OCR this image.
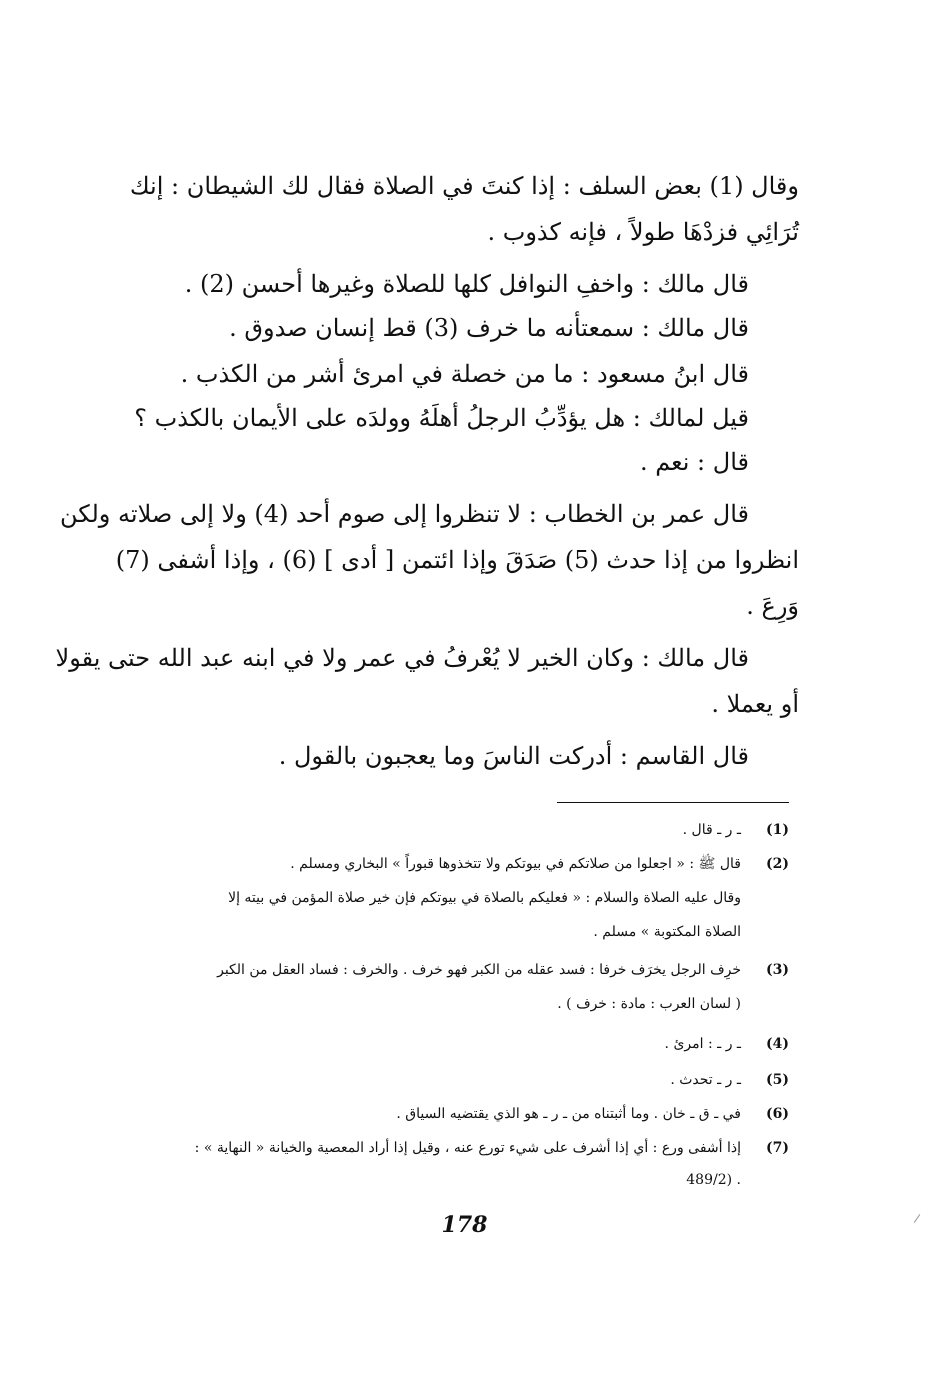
وقال (1) بعض السلف : إذا كنتَ في الصلاة فقال لك الشيطان : إنك
تُرَائِي فزدْهَا طولاً ، فإنه كذوب .
قال مالك : واخفِ النوافل كلها للصلاة وغيرها أحسن (2) .
قال مالك : سمعتأنه ما خرف (3) قط إنسان صدوق .
قال ابنُ مسعود : ما من خصلة في امرئ أشر من الكذب .
قيل لمالك : هل يؤدِّبُ الرجلُ أهلَهُ وولدَه على الأيمان بالكذب ؟
قال : نعم .
قال عمر بن الخطاب : لا تنظروا إلى صوم أحد (4) ولا إلى صلاته ولكن
انظروا من إذا حدث (5) صَدَقَ وإذا ائتمن [ أدى ] (6) ، وإذا أشفى (7)
وَرِعَ .
قال مالك : وكان الخير لا يُعْرفُ في عمر ولا في ابنه عبد الله حتى يقولا
أو يعملا .
قال القاسم : أدركت الناسَ وما يعجبون بالقول .
(1)
ـ ر ـ قال .
(2)
قال ﷺ : « اجعلوا من صلاتكم في بيوتكم ولا تتخذوها قبوراً » البخاري ومسلم .
وقال عليه الصلاة والسلام : « فعليكم بالصلاة في بيوتكم فإن خير صلاة المؤمن في بيته إلا
الصلاة المكتوبة » مسلم .
(3)
خرِف الرجل يخرَف خرفا : فسد عقله من الكبر فهو خرف . والخرف : فساد العقل من الكبر
( لسان العرب : مادة : خرف ) .
(4)
ـ ر ـ : امرئ .
(5)
ـ ر ـ تحدث .
(6)
في ـ ق ـ خان . وما أثبتناه من ـ ر ـ هو الذي يقتضيه السياق .
(7)
إذا أشفى ورع : أي إذا أشرف على شيء تورع عنه ، وقيل إذا أراد المعصية والخيانة « النهاية » :
. (489/2
178
